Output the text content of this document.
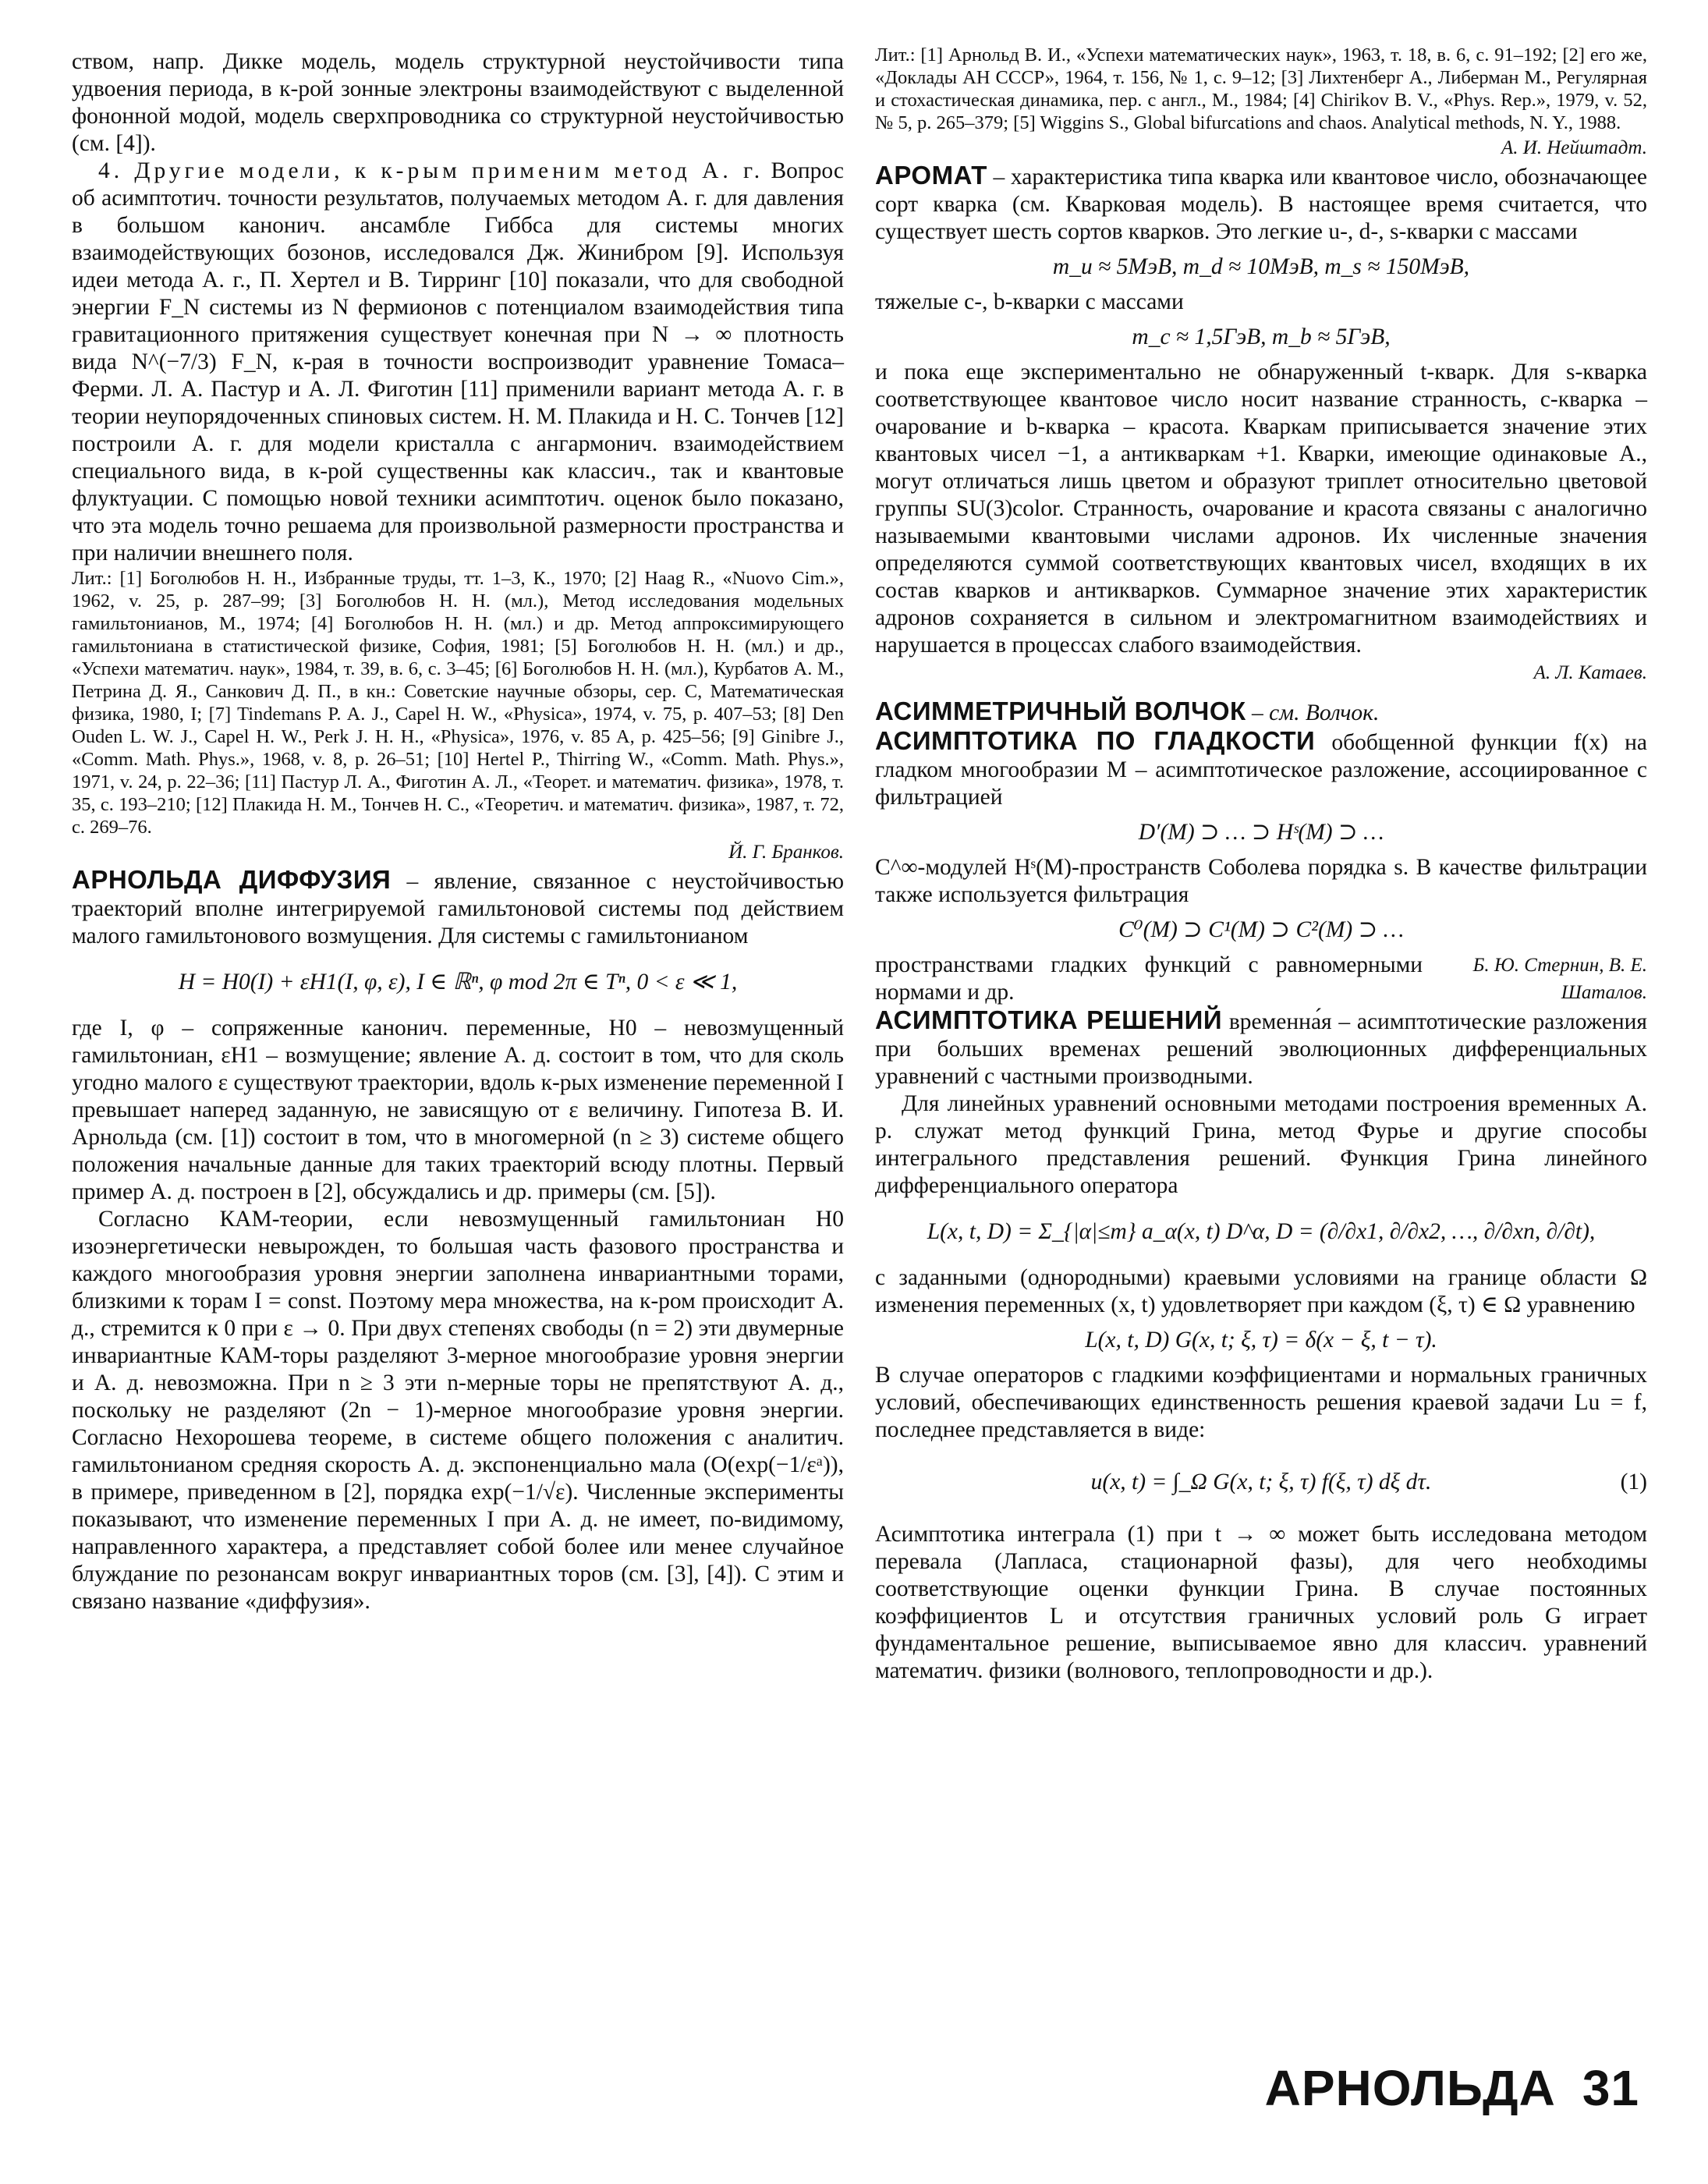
ством, напр. Дикке модель, модель структурной неустойчивости типа удвоения периода, в к-рой зонные электроны взаимодействуют с выделенной фононной модой, модель сверхпроводника со структурной неустойчивостью (см. [4]).

4. Другие модели, к к-рым применим метод А. г. Вопрос об асимптотич. точности результатов, получаемых методом А. г. для давления в большом канонич. ансамбле Гиббса для системы многих взаимодействующих бозонов, исследовался Дж. Жинибром [9]. Используя идеи метода А. г., П. Хертел и В. Тирринг [10] показали, что для свободной энергии F_N системы из N фермионов с потенциалом взаимодействия типа гравитационного притяжения существует конечная при N → ∞ плотность вида N^(−7/3) F_N, к-рая в точности воспроизводит уравнение Томаса–Ферми. Л. А. Пастур и А. Л. Фиготин [11] применили вариант метода А. г. в теории неупорядоченных спиновых систем. Н. М. Плакида и Н. С. Тончев [12] построили А. г. для модели кристалла с ангармонич. взаимодействием специального вида, в к-рой существенны как классич., так и квантовые флуктуации. С помощью новой техники асимптотич. оценок было показано, что эта модель точно решаема для произвольной размерности пространства и при наличии внешнего поля.

Лит.: [1] Боголюбов Н. Н., Избранные труды, тт. 1–3, К., 1970; [2] Haag R., «Nuovo Cim.», 1962, v. 25, p. 287–99; [3] Боголюбов Н. Н. (мл.), Метод исследования модельных гамильтонианов, М., 1974; [4] Боголюбов Н. Н. (мл.) и др. Метод аппроксимирующего гамильтониана в статистической физике, София, 1981; [5] Боголюбов Н. Н. (мл.) и др., «Успехи математич. наук», 1984, т. 39, в. 6, с. 3–45; [6] Боголюбов Н. Н. (мл.), Курбатов А. М., Петрина Д. Я., Санкович Д. П., в кн.: Советские научные обзоры, сер. С, Математическая физика, 1980, I; [7] Tindemans P. A. J., Capel H. W., «Physica», 1974, v. 75, p. 407–53; [8] Den Ouden L. W. J., Capel H. W., Perk J. H. H., «Physica», 1976, v. 85 A, p. 425–56; [9] Ginibre J., «Comm. Math. Phys.», 1968, v. 8, p. 26–51; [10] Hertel P., Thirring W., «Comm. Math. Phys.», 1971, v. 24, p. 22–36; [11] Пастур Л. А., Фиготин А. Л., «Теорет. и математич. физика», 1978, т. 35, с. 193–210; [12] Плакида Н. М., Тончев Н. С., «Теоретич. и математич. физика», 1987, т. 72, с. 269–76.

Й. Г. Бранков.

АРНОЛЬДА ДИФФУЗИЯ – явление, связанное с неустойчивостью траекторий вполне интегрируемой гамильтоновой системы под действием малого гамильтонового возмущения. Для системы с гамильтонианом

H = H0(I) + εH1(I, φ, ε), I ∈ ℝⁿ, φ mod 2π ∈ Tⁿ, 0 < ε ≪ 1,

где I, φ – сопряженные канонич. переменные, H0 – невозмущенный гамильтониан, εH1 – возмущение; явление А. д. состоит в том, что для сколь угодно малого ε существуют траектории, вдоль к-рых изменение переменной I превышает наперед заданную, не зависящую от ε величину. Гипотеза В. И. Арнольда (см. [1]) состоит в том, что в многомерной (n ≥ 3) системе общего положения начальные данные для таких траекторий всюду плотны. Первый пример А. д. построен в [2], обсуждались и др. примеры (см. [5]).

Согласно КАМ-теории, если невозмущенный гамильтониан H0 изоэнергетически невырожден, то большая часть фазового пространства и каждого многообразия уровня энергии заполнена инвариантными торами, близкими к торам I = const. Поэтому мера множества, на к-ром происходит А. д., стремится к 0 при ε → 0. При двух степенях свободы (n = 2) эти двумерные инвариантные КАМ-торы разделяют 3-мерное многообразие уровня энергии и А. д. невозможна. При n ≥ 3 эти n-мерные торы не препятствуют А. д., поскольку не разделяют (2n − 1)-мерное многообразие уровня энергии. Согласно Нехорошева теореме, в системе общего положения с аналитич. гамильтонианом средняя скорость А. д. экспоненциально мала (O(exp(−1/εᵃ)), в примере, приведенном в [2], порядка exp(−1/√ε). Численные эксперименты показывают, что изменение переменных I при А. д. не имеет, по-видимому, направленного характера, а представляет собой более или менее случайное блуждание по резонансам вокруг инвариантных торов (см. [3], [4]). С этим и связано название «диффузия».

Лит.: [1] Арнольд В. И., «Успехи математических наук», 1963, т. 18, в. 6, с. 91–192; [2] его же, «Доклады АН СССР», 1964, т. 156, № 1, с. 9–12; [3] Лихтенберг А., Либерман М., Регулярная и стохастическая динамика, пер. с англ., М., 1984; [4] Chirikov B. V., «Phys. Rep.», 1979, v. 52, № 5, p. 265–379; [5] Wiggins S., Global bifurcations and chaos. Analytical methods, N. Y., 1988.

А. И. Нейштадт.

АРОМАТ – характеристика типа кварка или квантовое число, обозначающее сорт кварка (см. Кварковая модель). В настоящее время считается, что существует шесть сортов кварков. Это легкие u-, d-, s-кварки с массами

m_u ≈ 5МэВ, m_d ≈ 10МэВ, m_s ≈ 150МэВ,

тяжелые c-, b-кварки с массами

m_c ≈ 1,5ГэВ, m_b ≈ 5ГэВ,

и пока еще экспериментально не обнаруженный t-кварк. Для s-кварка соответствующее квантовое число носит название странность, c-кварка – очарование и b-кварка – красота. Кваркам приписывается значение этих квантовых чисел −1, а антикваркам +1. Кварки, имеющие одинаковые А., могут отличаться лишь цветом и образуют триплет относительно цветовой группы SU(3)color. Странность, очарование и красота связаны с аналогично называемыми квантовыми числами адронов. Их численные значения определяются суммой соответствующих квантовых чисел, входящих в их состав кварков и антикварков. Суммарное значение этих характеристик адронов сохраняется в сильном и электромагнитном взаимодействиях и нарушается в процессах слабого взаимодействия.

А. Л. Катаев.

АСИММЕТРИЧНЫЙ ВОЛЧОК – см. Волчок.

АСИМПТОТИКА ПО ГЛАДКОСТИ обобщенной функции f(x) на гладком многообразии M – асимптотическое разложение, ассоциированное с фильтрацией

D′(M) ⊃ … ⊃ Hˢ(M) ⊃ …

C^∞-модулей Hˢ(M)-пространств Соболева порядка s. В качестве фильтрации также используется фильтрация

C⁰(M) ⊃ C¹(M) ⊃ C²(M) ⊃ …
пространствами гладких функций с равномерными нормами и др.
Б. Ю. Стернин, В. Е. Шаталов.

АСИМПТОТИКА РЕШЕНИЙ временна́я – асимптотические разложения при больших временах решений эволюционных дифференциальных уравнений с частными производными.

Для линейных уравнений основными методами построения временных А. р. служат метод функций Грина, метод Фурье и другие способы интегрального представления решений. Функция Грина линейного дифференциального оператора

L(x, t, D) = Σ_{|α|≤m} a_α(x, t) D^α, D = (∂/∂x1, ∂/∂x2, …, ∂/∂xn, ∂/∂t),

с заданными (однородными) краевыми условиями на границе области Ω изменения переменных (x, t) удовлетворяет при каждом (ξ, τ) ∈ Ω уравнению

L(x, t, D) G(x, t; ξ, τ) = δ(x − ξ, t − τ).

В случае операторов с гладкими коэффициентами и нормальных граничных условий, обеспечивающих единственность решения краевой задачи Lu = f, последнее представляется в виде:

u(x, t) = ∫_Ω G(x, t; ξ, τ) f(ξ, τ) dξ dτ.	(1)

Асимптотика интеграла (1) при t → ∞ может быть исследована методом перевала (Лапласа, стационарной фазы), для чего необходимы соответствующие оценки функции Грина. В случае постоянных коэффициентов L и отсутствия граничных условий роль G играет фундаментальное решение, выписываемое явно для классич. уравнений математич. физики (волнового, теплопроводности и др.).

АРНОЛЬДА 31
